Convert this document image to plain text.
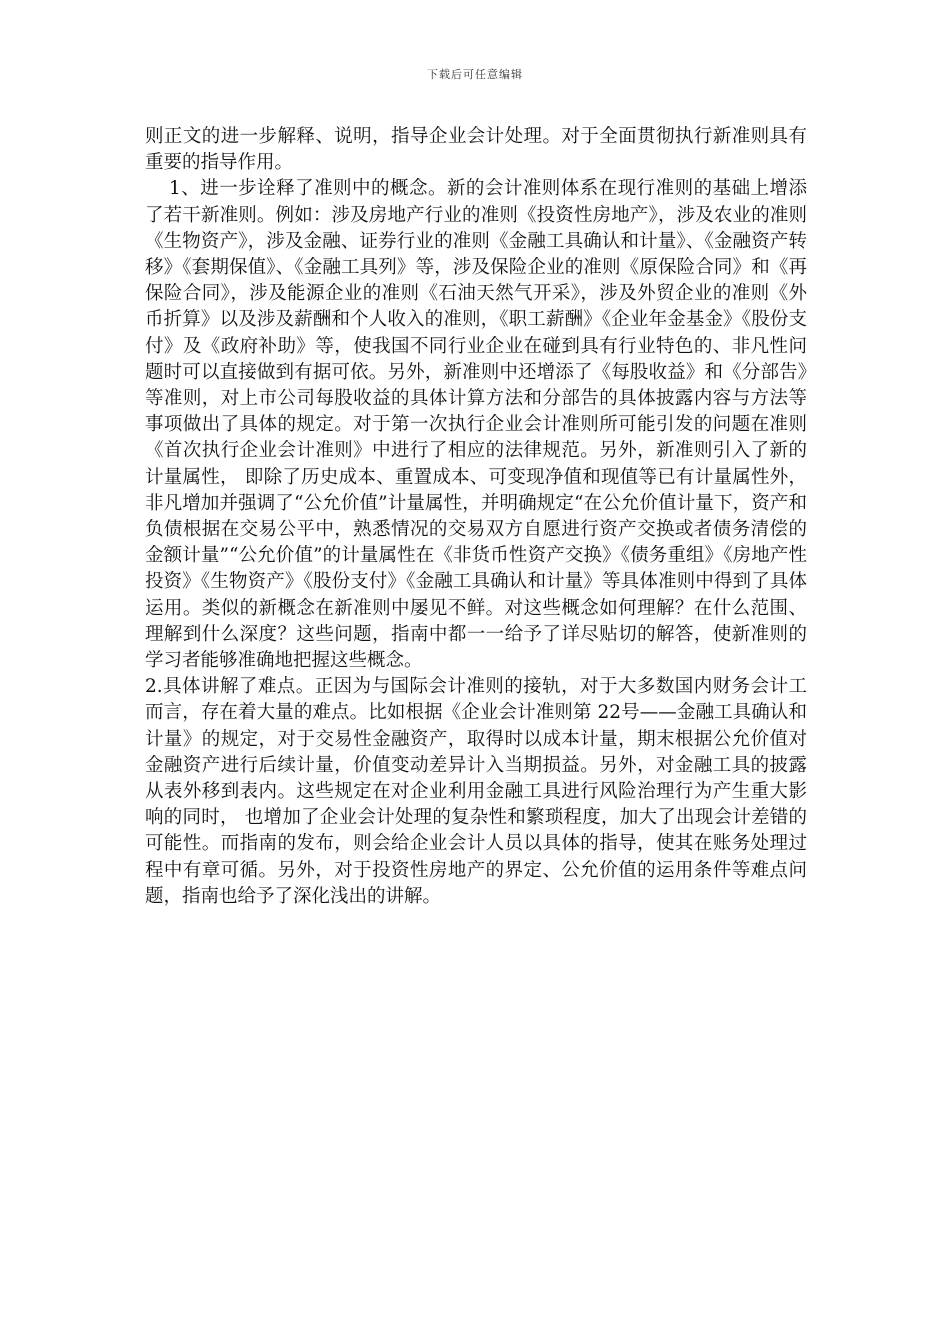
下载后可任意编辑

则正文的进一步解释、说明，指导企业会计处理。对于全面贯彻执行新准则具有重要的指导作用。

1、进一步诠释了准则中的概念。新的会计准则体系在现行准则的基础上增添了若干新准则。例如：涉及房地产行业的准则《投资性房地产》，涉及农业的准则《生物资产》，涉及金融、证券行业的准则《金融工具确认和计量》、《金融资产转移》《套期保值》、《金融工具列》等，涉及保险企业的准则《原保险合同》和《再保险合同》，涉及能源企业的准则《石油天然气开采》，涉及外贸企业的准则《外币折算》以及涉及薪酬和个人收入的准则，《职工薪酬》《企业年金基金》《股份支付》及《政府补助》等，使我国不同行业企业在碰到具有行业特色的、非凡性问题时可以直接做到有据可依。另外，新准则中还增添了《每股收益》和《分部告》等准则，对上市公司每股收益的具体计算方法和分部告的具体披露内容与方法等事项做出了具体的规定。对于第一次执行企业会计准则所可能引发的问题在准则《首次执行企业会计准则》中进行了相应的法律规范。另外，新准则引入了新的计量属性， 即除了历史成本、重置成本、可变现净值和现值等已有计量属性外，非凡增加并强调了“公允价值”计量属性，并明确规定“在公允价值计量下，资产和负债根据在交易公平中，熟悉情况的交易双方自愿进行资产交换或者债务清偿的金额计量”“公允价值”的计量属性在《非货币性资产交换》《债务重组》《房地产性投资》《生物资产》《股份支付》《金融工具确认和计量》等具体准则中得到了具体运用。类似的新概念在新准则中屡见不鲜。对这些概念如何理解？在什么范围、理解到什么深度？这些问题，指南中都一一给予了详尽贴切的解答，使新准则的学习者能够准确地把握这些概念。

2.具体讲解了难点。正因为与国际会计准则的接轨，对于大多数国内财务会计工而言，存在着大量的难点。比如根据《企业会计准则第 22号——金融工具确认和计量》的规定，对于交易性金融资产，取得时以成本计量，期末根据公允价值对金融资产进行后续计量，价值变动差异计入当期损益。另外，对金融工具的披露从表外移到表内。这些规定在对企业利用金融工具进行风险治理行为产生重大影响的同时， 也增加了企业会计处理的复杂性和繁琐程度，加大了出现会计差错的可能性。而指南的发布，则会给企业会计人员以具体的指导，使其在账务处理过程中有章可循。另外，对于投资性房地产的界定、公允价值的运用条件等难点问题，指南也给予了深化浅出的讲解。
